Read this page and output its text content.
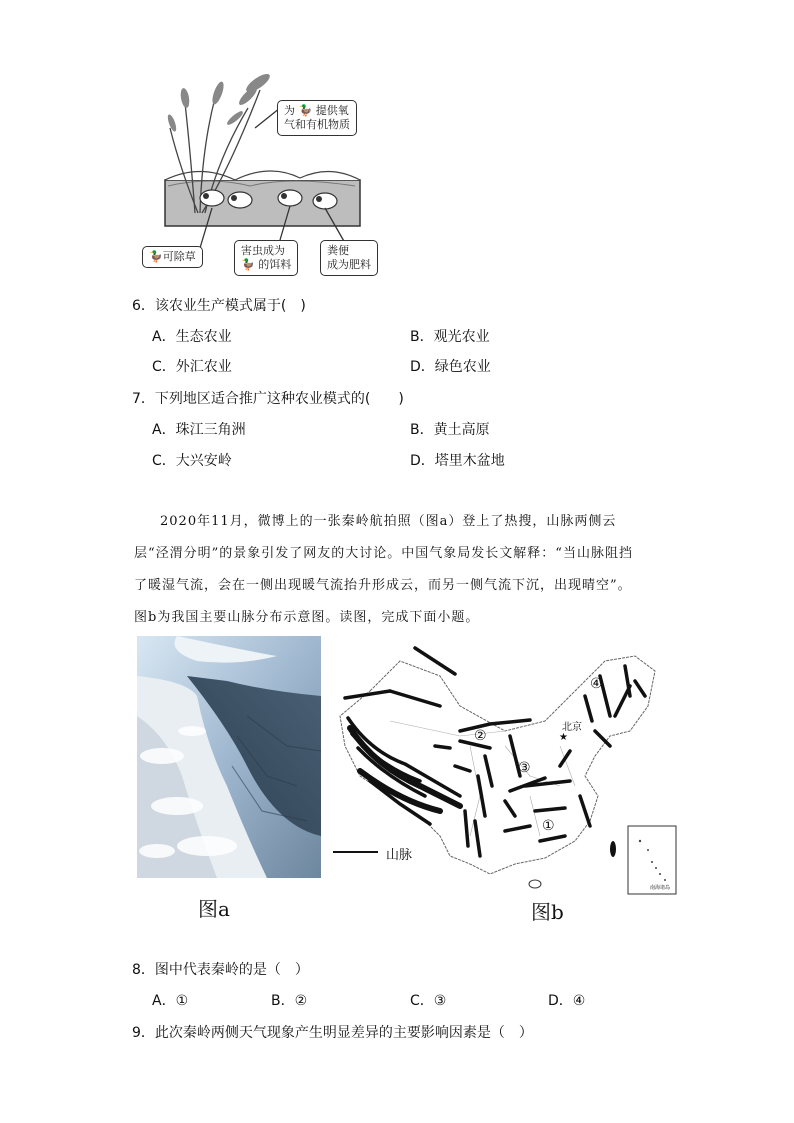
为 🦆 提供氧
气和有机物质
🦆可除草	害虫成为
🦆 的饵料
粪便
成为肥料
6．该农业生产模式属于(　)
A．生态农业	B．观光农业
C．外汇农业	D．绿色农业
7．下列地区适合推广这种农业模式的(　　)
A．珠江三角洲	B．黄土高原
C．大兴安岭	D．塔里木盆地
2020年11月，微博上的一张秦岭航拍照（图a）登上了热搜，山脉两侧云层“泾渭分明”的景象引发了网友的大讨论。中国气象局发长文解释：“当山脉阻挡了暖湿气流，会在一侧出现暖气流抬升形成云，而另一侧气流下沉，出现晴空”。图b为我国主要山脉分布示意图。读图，完成下面小题。
★
①
②
③
④
北京
山脉
南海诸岛
图a	图b
8．图中代表秦岭的是（　）
A．①	B．②	C．③	D．④
9．此次秦岭两侧天气现象产生明显差异的主要影响因素是（　）
